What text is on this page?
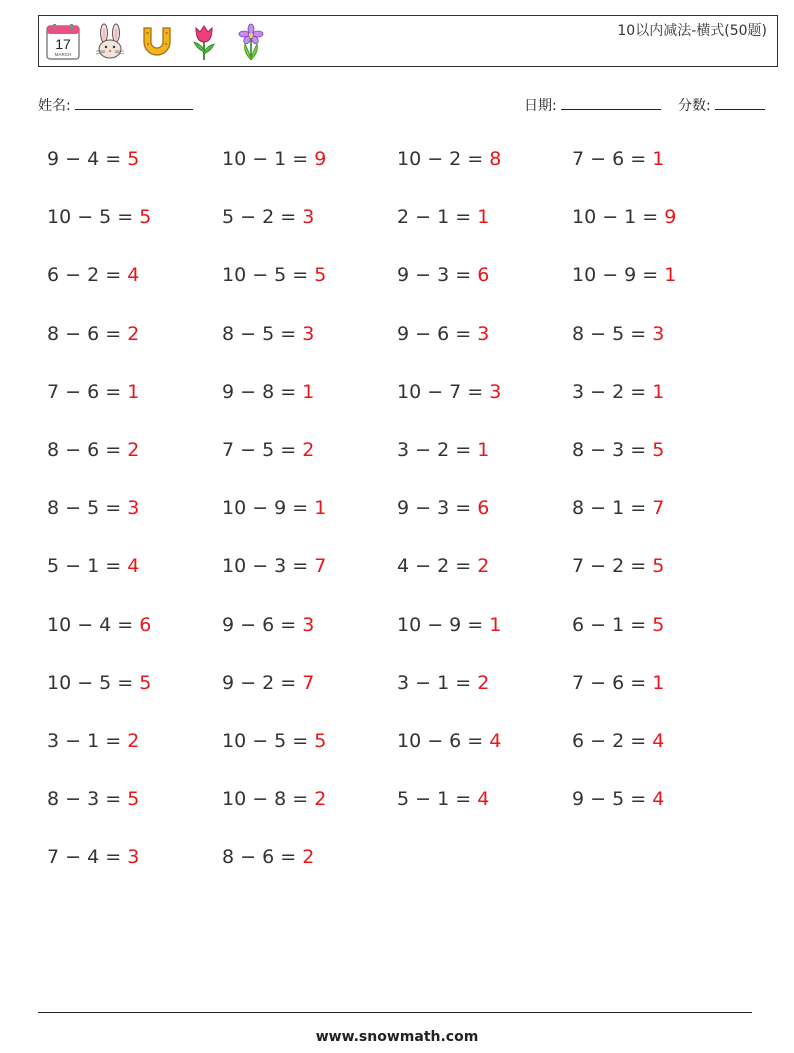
17
MARCH
10以内减法-横式(50题)
姓名:	日期:	分数:
9 − 4 = 5	10 − 1 = 9	10 − 2 = 8	7 − 6 = 1
10 − 5 = 5	5 − 2 = 3	2 − 1 = 1	10 − 1 = 9
6 − 2 = 4	10 − 5 = 5	9 − 3 = 6	10 − 9 = 1
8 − 6 = 2	8 − 5 = 3	9 − 6 = 3	8 − 5 = 3
7 − 6 = 1	9 − 8 = 1	10 − 7 = 3	3 − 2 = 1
8 − 6 = 2	7 − 5 = 2	3 − 2 = 1	8 − 3 = 5
8 − 5 = 3	10 − 9 = 1	9 − 3 = 6	8 − 1 = 7
5 − 1 = 4	10 − 3 = 7	4 − 2 = 2	7 − 2 = 5
10 − 4 = 6	9 − 6 = 3	10 − 9 = 1	6 − 1 = 5
10 − 5 = 5	9 − 2 = 7	3 − 1 = 2	7 − 6 = 1
3 − 1 = 2	10 − 5 = 5	10 − 6 = 4	6 − 2 = 4
8 − 3 = 5	10 − 8 = 2	5 − 1 = 4	9 − 5 = 4
7 − 4 = 3	8 − 6 = 2
www.snowmath.com
